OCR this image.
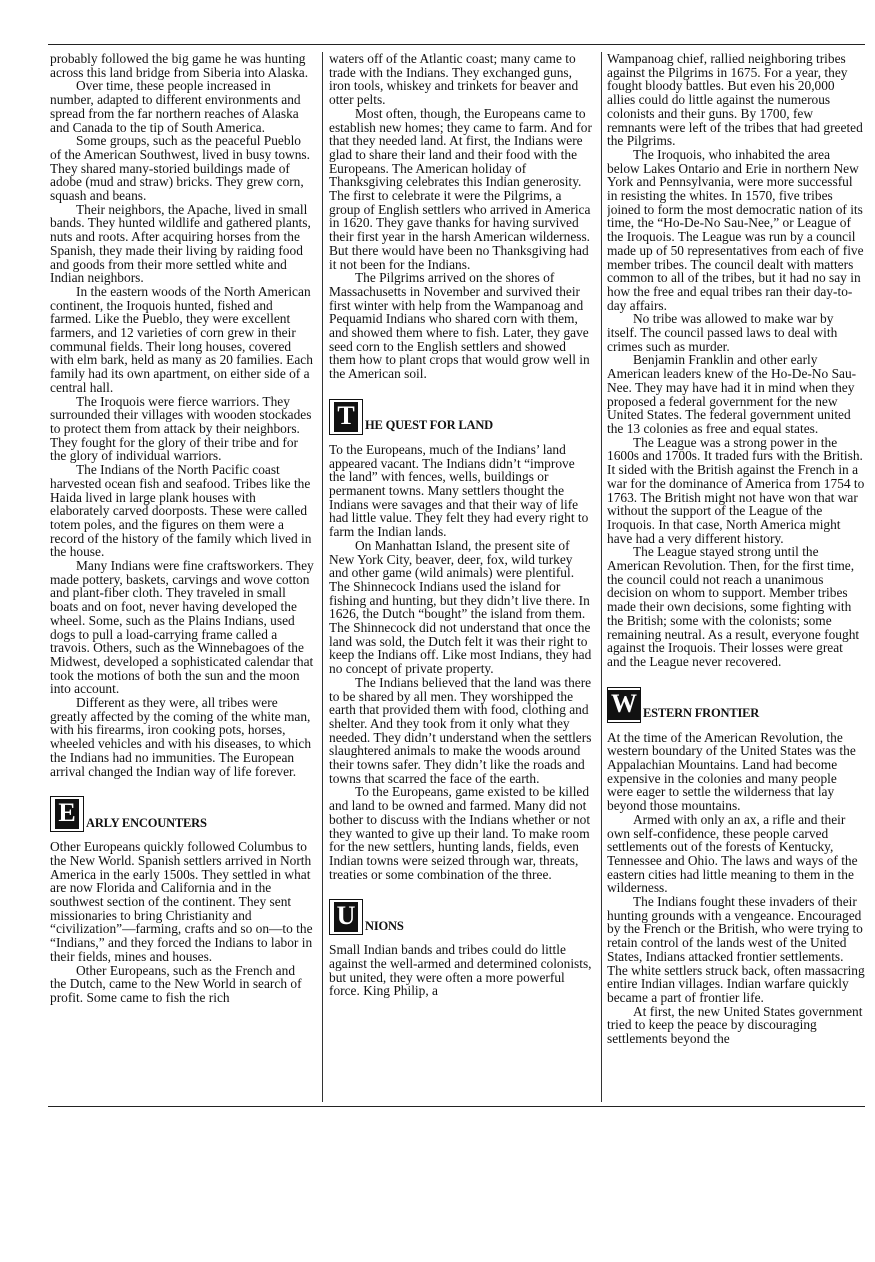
probably followed the big game he was hunting across this land bridge from Siberia into Alaska.

Over time, these people increased in number, adapted to different environments and spread from the far northern reaches of Alaska and Canada to the tip of South America.

Some groups, such as the peaceful Pueblo of the American Southwest, lived in busy towns. They shared many-storied buildings made of adobe (mud and straw) bricks. They grew corn, squash and beans.

Their neighbors, the Apache, lived in small bands. They hunted wildlife and gathered plants, nuts and roots. After acquiring horses from the Spanish, they made their living by raiding food and goods from their more settled white and Indian neighbors.

In the eastern woods of the North American continent, the Iroquois hunted, fished and farmed. Like the Pueblo, they were excellent farmers, and 12 varieties of corn grew in their communal fields. Their long houses, covered with elm bark, held as many as 20 families. Each family had its own apartment, on either side of a central hall.

The Iroquois were fierce warriors. They surrounded their villages with wooden stockades to protect them from attack by their neighbors. They fought for the glory of their tribe and for the glory of individual warriors.

The Indians of the North Pacific coast harvested ocean fish and seafood. Tribes like the Haida lived in large plank houses with elaborately carved doorposts. These were called totem poles, and the figures on them were a record of the history of the family which lived in the house.

Many Indians were fine craftsworkers. They made pottery, baskets, carvings and wove cotton and plant-fiber cloth. They traveled in small boats and on foot, never having developed the wheel. Some, such as the Plains Indians, used dogs to pull a load-carrying frame called a travois. Others, such as the Winnebagoes of the Midwest, developed a sophisticated calendar that took the motions of both the sun and the moon into account.

Different as they were, all tribes were greatly affected by the coming of the white man, with his firearms, iron cooking pots, horses, wheeled vehicles and with his diseases, to which the Indians had no immunities. The European arrival changed the Indian way of life forever.

E ARLY ENCOUNTERS

Other Europeans quickly followed Columbus to the New World. Spanish settlers arrived in North America in the early 1500s. They settled in what are now Florida and California and in the southwest section of the continent. They sent missionaries to bring Christianity and “civilization”—farming, crafts and so on—to the “Indians,” and they forced the Indians to labor in their fields, mines and houses.

Other Europeans, such as the French and the Dutch, came to the New World in search of profit. Some came to fish the rich

waters off of the Atlantic coast; many came to trade with the Indians. They exchanged guns, iron tools, whiskey and trinkets for beaver and otter pelts.

Most often, though, the Europeans came to establish new homes; they came to farm. And for that they needed land. At first, the Indians were glad to share their land and their food with the Europeans. The American holiday of Thanksgiving celebrates this Indian generosity. The first to celebrate it were the Pilgrims, a group of English settlers who arrived in America in 1620. They gave thanks for having survived their first year in the harsh American wilderness. But there would have been no Thanksgiving had it not been for the Indians.

The Pilgrims arrived on the shores of Massachusetts in November and survived their first winter with help from the Wampanoag and Pequamid Indians who shared corn with them, and showed them where to fish. Later, they gave seed corn to the English settlers and showed them how to plant crops that would grow well in the American soil.

T HE QUEST FOR LAND

To the Europeans, much of the Indians’ land appeared vacant. The Indians didn’t “improve the land” with fences, wells, buildings or permanent towns. Many settlers thought the Indians were savages and that their way of life had little value. They felt they had every right to farm the Indian lands.

On Manhattan Island, the present site of New York City, beaver, deer, fox, wild turkey and other game (wild animals) were plentiful. The Shinnecock Indians used the island for fishing and hunting, but they didn’t live there. In 1626, the Dutch “bought” the island from them. The Shinnecock did not understand that once the land was sold, the Dutch felt it was their right to keep the Indians off. Like most Indians, they had no concept of private property.

The Indians believed that the land was there to be shared by all men. They worshipped the earth that provided them with food, clothing and shelter. And they took from it only what they needed. They didn’t understand when the settlers slaughtered animals to make the woods around their towns safer. They didn’t like the roads and towns that scarred the face of the earth.

To the Europeans, game existed to be killed and land to be owned and farmed. Many did not bother to discuss with the Indians whether or not they wanted to give up their land. To make room for the new settlers, hunting lands, fields, even Indian towns were seized through war, threats, treaties or some combination of the three.

U NIONS

Small Indian bands and tribes could do little against the well-armed and determined colonists, but united, they were often a more powerful force. King Philip, a

Wampanoag chief, rallied neighboring tribes against the Pilgrims in 1675. For a year, they fought bloody battles. But even his 20,000 allies could do little against the numerous colonists and their guns. By 1700, few remnants were left of the tribes that had greeted the Pilgrims.

The Iroquois, who inhabited the area below Lakes Ontario and Erie in northern New York and Pennsylvania, were more successful in resisting the whites. In 1570, five tribes joined to form the most democratic nation of its time, the “Ho-De-No Sau-Nee,” or League of the Iroquois. The League was run by a council made up of 50 representatives from each of five member tribes. The council dealt with matters common to all of the tribes, but it had no say in how the free and equal tribes ran their day-to-day affairs.

No tribe was allowed to make war by itself. The council passed laws to deal with crimes such as murder.

Benjamin Franklin and other early American leaders knew of the Ho-De-No Sau-Nee. They may have had it in mind when they proposed a federal government for the new United States. The federal government united the 13 colonies as free and equal states.

The League was a strong power in the 1600s and 1700s. It traded furs with the British. It sided with the British against the French in a war for the dominance of America from 1754 to 1763. The British might not have won that war without the support of the League of the Iroquois. In that case, North America might have had a very different history.

The League stayed strong until the American Revolution. Then, for the first time, the council could not reach a unanimous decision on whom to support. Member tribes made their own decisions, some fighting with the British; some with the colonists; some remaining neutral. As a result, everyone fought against the Iroquois. Their losses were great and the League never recovered.

W ESTERN FRONTIER

At the time of the American Revolution, the western boundary of the United States was the Appalachian Mountains. Land had become expensive in the colonies and many people were eager to settle the wilderness that lay beyond those mountains.

Armed with only an ax, a rifle and their own self-confidence, these people carved settlements out of the forests of Kentucky, Tennessee and Ohio. The laws and ways of the eastern cities had little meaning to them in the wilderness.

The Indians fought these invaders of their hunting grounds with a vengeance. Encouraged by the French or the British, who were trying to retain control of the lands west of the United States, Indians attacked frontier settlements. The white settlers struck back, often massacring entire Indian villages. Indian warfare quickly became a part of frontier life.

At first, the new United States government tried to keep the peace by discouraging settlements beyond the
